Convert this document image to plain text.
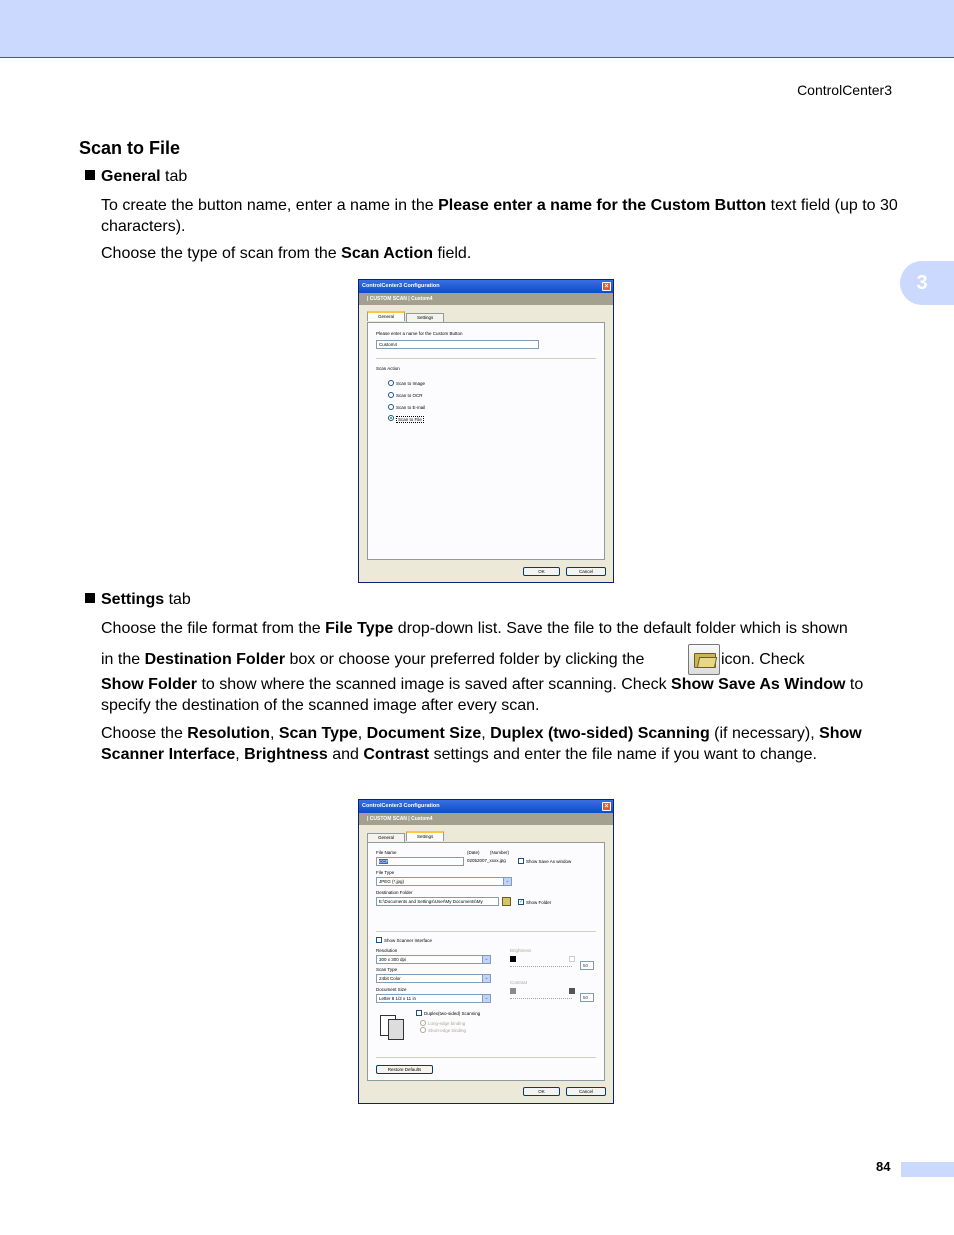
ControlCenter3
3
Scan to File
General tab
To create the button name, enter a name in the Please enter a name for the Custom Button text field (up to 30 characters).
Choose the type of scan from the Scan Action field.
ControlCenter3 Configuration	×
| CUSTOM SCAN | Custom4
General	Settings
Please enter a name for the Custom Button
Custom4
Scan Action
Scan to Image
Scan to OCR
Scan to E-mail
Scan to File
OK	Cancel
Settings tab
Choose the file format from the File Type drop-down list. Save the file to the default folder which is shown
in the Destination Folder box or choose your preferred folder by clicking the	icon. Check
Show Folder to show where the scanned image is saved after scanning. Check Show Save As Window to specify the destination of the scanned image after every scan.
Choose the Resolution, Scan Type, Document Size, Duplex (two-sided) Scanning (if necessary), Show Scanner Interface, Brightness and Contrast settings and enter the file name if you want to change.
ControlCenter3 Configuration	×
| CUSTOM SCAN | Custom4
General	Settings
File Name	(Date) (Number)
CCF	02052007_xxxx.jpg	Show Save As window
File Type
JPEG (*.jpg)	⌄
Destination Folder
E:\Documents and Settings\User\My Documents\My	✓ Show Folder
Show Scanner Interface
Resolution
300 x 300 dpi	⌄
Scan Type
24bit Color	⌄
Document Size
Letter 8 1/2 x 11 in	⌄
Brightness
50
Contrast
50
Duplex(two-sided) Scanning
Long-edge binding
Short-edge binding
Restore Defaults
OK	Cancel
84
